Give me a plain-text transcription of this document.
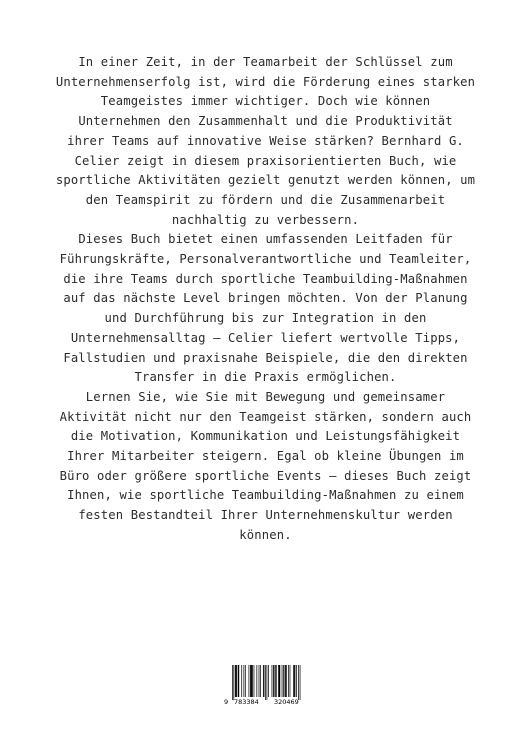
In einer Zeit, in der Teamarbeit der Schlüssel zum
Unternehmenserfolg ist, wird die Förderung eines starken
Teamgeistes immer wichtiger. Doch wie können
Unternehmen den Zusammenhalt und die Produktivität
ihrer Teams auf innovative Weise stärken? Bernhard G.
Celier zeigt in diesem praxisorientierten Buch, wie
sportliche Aktivitäten gezielt genutzt werden können, um
den Teamspirit zu fördern und die Zusammenarbeit
nachhaltig zu verbessern.
Dieses Buch bietet einen umfassenden Leitfaden für
Führungskräfte, Personalverantwortliche und Teamleiter,
die ihre Teams durch sportliche Teambuilding-Maßnahmen
auf das nächste Level bringen möchten. Von der Planung
und Durchführung bis zur Integration in den
Unternehmensalltag – Celier liefert wertvolle Tipps,
Fallstudien und praxisnahe Beispiele, die den direkten
Transfer in die Praxis ermöglichen.
Lernen Sie, wie Sie mit Bewegung und gemeinsamer
Aktivität nicht nur den Teamgeist stärken, sondern auch
die Motivation, Kommunikation und Leistungsfähigkeit
Ihrer Mitarbeiter steigern. Egal ob kleine Übungen im
Büro oder größere sportliche Events – dieses Buch zeigt
Ihnen, wie sportliche Teambuilding-Maßnahmen zu einem
festen Bestandteil Ihrer Unternehmenskultur werden
können.
9 783384 320469
